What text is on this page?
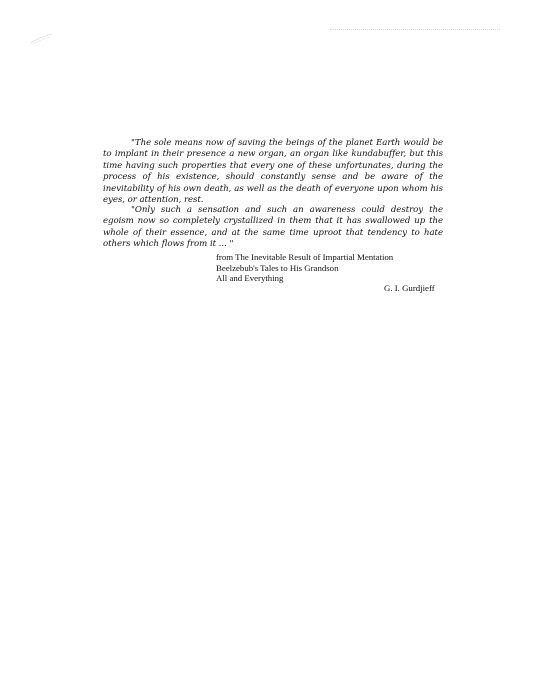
"The sole means now of saving the beings of the planet Earth would be to implant in their presence a new organ, an organ like kundabuffer, but this time having such properties that every one of these unfortunates, during the process of his existence, should constantly sense and be aware of the inevitability of his own death, as well as the death of everyone upon whom his eyes, or attention, rest.

"Only such a sensation and such an awareness could destroy the egoism now so completely crystallized in them that it has swallowed up the whole of their essence, and at the same time uproot that tendency to hate others which flows from it ... "

from The Inevitable Result of Impartial Mentation
Beelzebub's Tales to His Grandson
All and Everything
G. I. Gurdjieff
